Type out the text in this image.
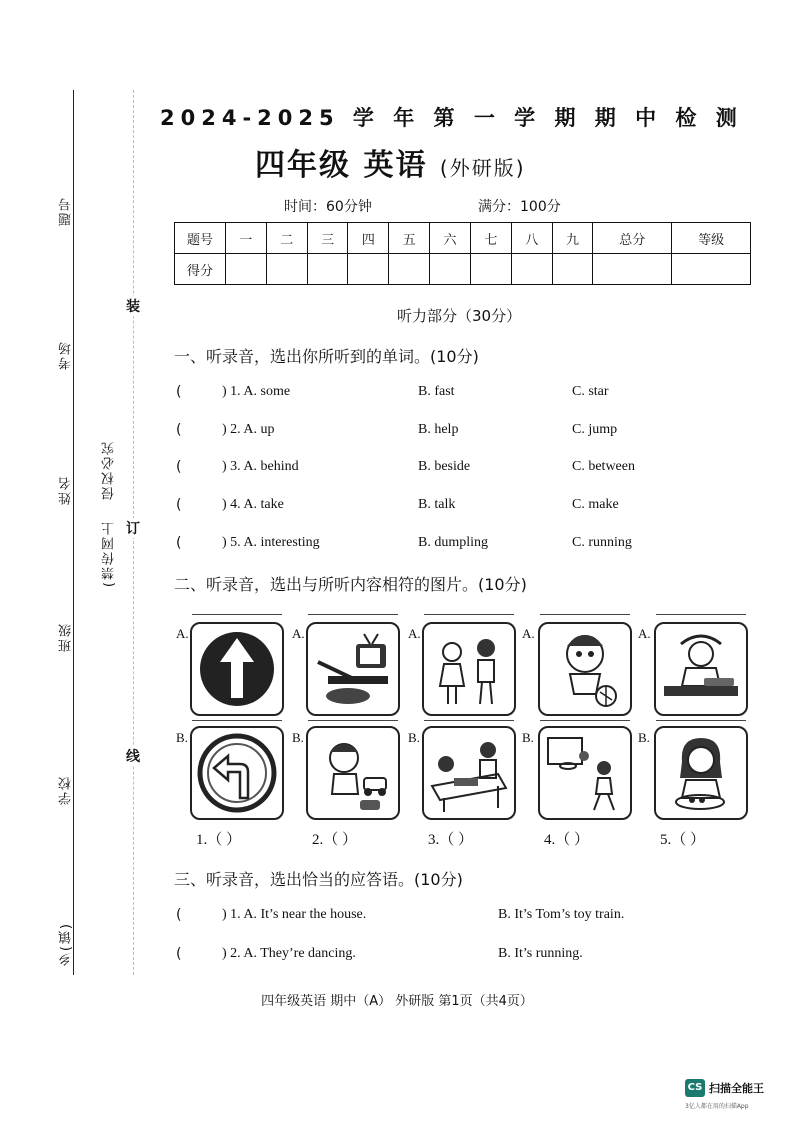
题号
考场
姓名
班级
学校
乡(镇)
侵权必究
(禁传网上
装
订
线
2024-2025 学 年 第 一 学 期 期 中 检 测
四年级 英语 (外研版)
时间：60分钟	满分：100分
题号	一	二	三	四	五	六	七	八	九	总分	等级
得分											
听力部分（30分）
一、听录音，选出你所听到的单词。(10分)
(	) 1. A. some	B. fast	C. star
(	) 2. A. up	B. help	C. jump
(	) 3. A. behind	B. beside	C. between
(	) 4. A. take	B. talk	C. make
(	) 5. A. interesting	B. dumpling	C. running
二、听录音，选出与所听内容相符的图片。(10分)
A.	A.	A.	A.	A.
B.	B.	B.	B.	B.
1.（ ）	2.（ ）	3.（ ）	4.（ ）	5.（ ）
三、听录音，选出恰当的应答语。(10分)
(	) 1. A. It’s near the house.	B. It’s Tom’s toy train.
(	) 2. A. They’re dancing.	B. It’s running.
四年级英语 期中（A） 外研版 第1页（共4页）
CS 扫描全能王
3亿人都在用的扫描App
